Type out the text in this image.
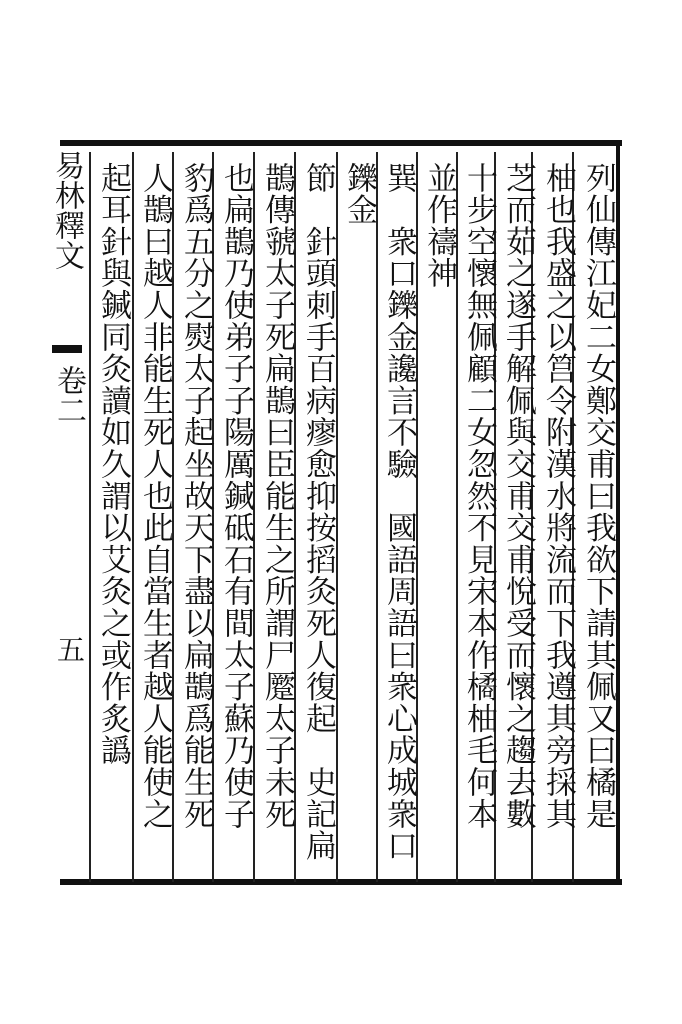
列仙傳江妃二女鄭交甫曰我欲下請其佩又曰橘是
柚也我盛之以筥令附漢水將流而下我遵其旁採其
芝而茹之遂手解佩與交甫交甫悅受而懷之趨去數
十步空懷無佩顧二女忽然不見宋本作橘柚毛何本
並作禱神
巽　衆口鑠金讒言不驗　國語周語曰衆心成城衆口
鑠金
節　針頭刺手百病瘳愈抑按搯灸死人復起　史記扁
鵲傳虢太子死扁鵲曰臣能生之所謂尸蹷太子未死
也扁鵲乃使弟子子陽厲鍼砥石有間太子蘇乃使子
豹爲五分之熨太子起坐故天下盡以扁鵲爲能生死
人鵲曰越人非能生死人也此自當生者越人能使之
起耳針與鍼同灸讀如久謂以艾灸之或作炙譌
易林釋文
卷二
五
